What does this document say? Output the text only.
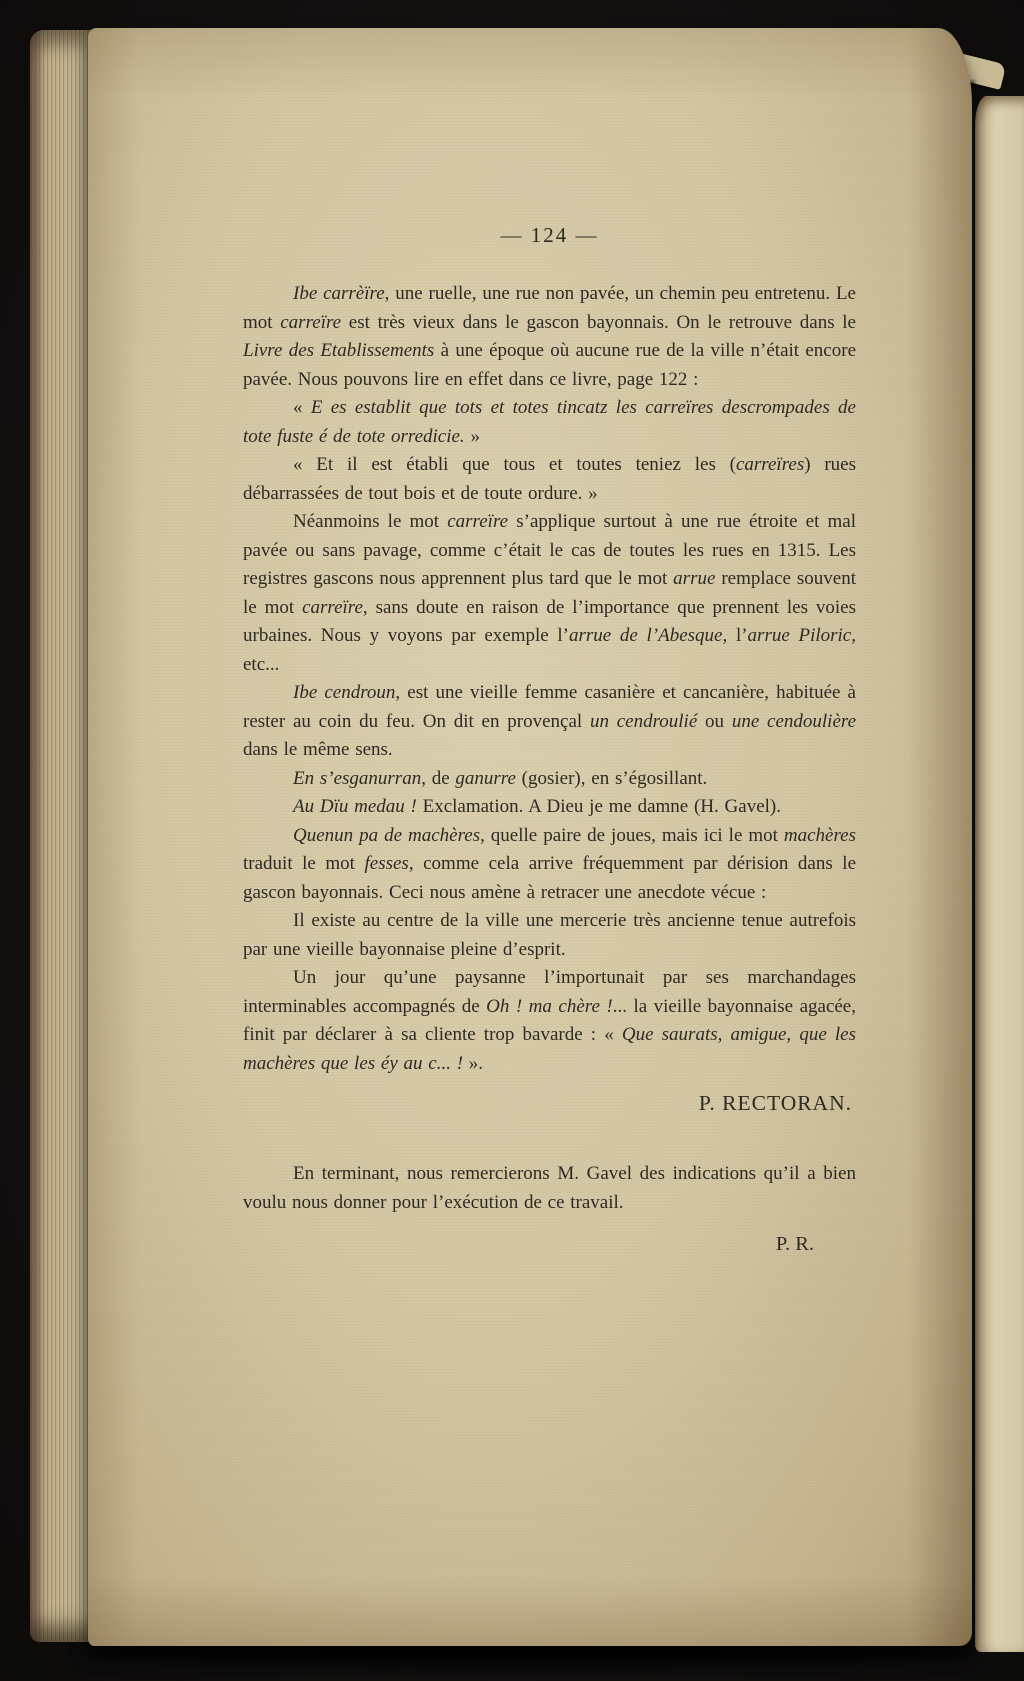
— 124 —

Ibe carrèïre, une ruelle, une rue non pavée, un chemin peu entretenu. Le mot carreïre est très vieux dans le gascon bayonnais. On le retrouve dans le Livre des Etablissements à une époque où aucune rue de la ville n’était encore pavée. Nous pouvons lire en effet dans ce livre, page 122 :

« E es establit que tots et totes tincatz les carreïres descrompades de tote fuste é de tote orredicie. »

« Et il est établi que tous et toutes teniez les (carreïres) rues débarrassées de tout bois et de toute ordure. »

Néanmoins le mot carreïre s’applique surtout à une rue étroite et mal pavée ou sans pavage, comme c’était le cas de toutes les rues en 1315. Les registres gascons nous apprennent plus tard que le mot arrue remplace souvent le mot carreïre, sans doute en raison de l’importance que prennent les voies urbaines. Nous y voyons par exemple l’arrue de l’Abesque, l’arrue Piloric, etc...

Ibe cendroun, est une vieille femme casanière et cancanière, habituée à rester au coin du feu. On dit en provençal un cendroulié ou une cendoulière dans le même sens.

En s’esganurran, de ganurre (gosier), en s’égosillant.

Au Dïu medau ! Exclamation. A Dieu je me damne (H. Gavel).

Quenun pa de machères, quelle paire de joues, mais ici le mot machères traduit le mot fesses, comme cela arrive fréquemment par dérision dans le gascon bayonnais. Ceci nous amène à retracer une anecdote vécue :

Il existe au centre de la ville une mercerie très ancienne tenue autrefois par une vieille bayonnaise pleine d’esprit.

Un jour qu’une paysanne l’importunait par ses marchandages interminables accompagnés de Oh ! ma chère !... la vieille bayonnaise agacée, finit par déclarer à sa cliente trop bavarde : « Que saurats, amigue, que les machères que les éy au c... ! ».

P. RECTORAN.

En terminant, nous remercierons M. Gavel des indications qu’il a bien voulu nous donner pour l’exécution de ce travail.

P. R.
